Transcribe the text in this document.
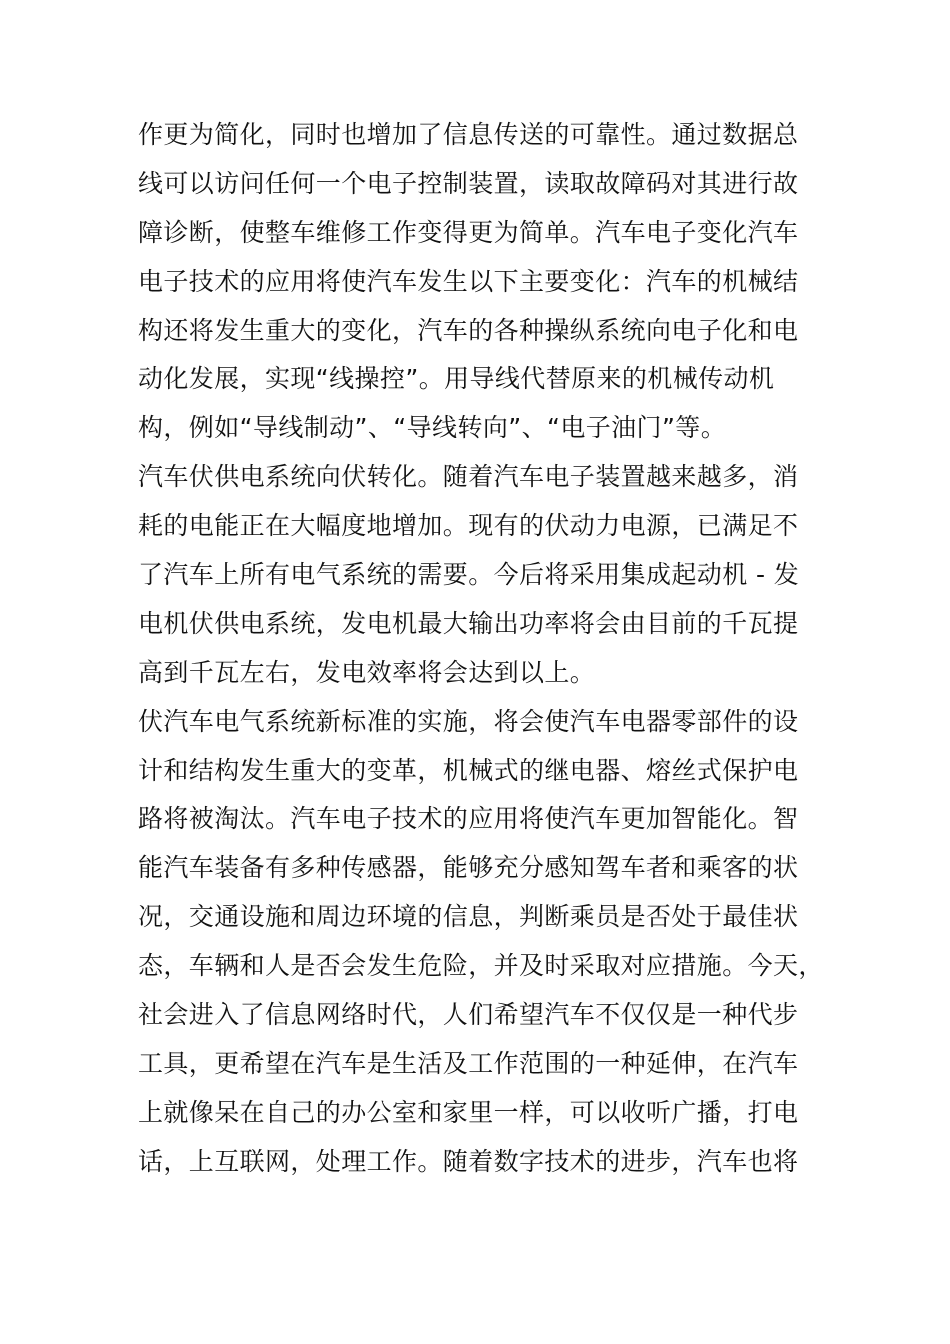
作更为简化，同时也增加了信息传送的可靠性。通过数据总
线可以访问任何一个电子控制装置，读取故障码对其进行故
障诊断，使整车维修工作变得更为简单。汽车电子变化汽车
电子技术的应用将使汽车发生以下主要变化：汽车的机械结
构还将发生重大的变化，汽车的各种操纵系统向电子化和电
动化发展，实现“线操控”。用导线代替原来的机械传动机
构，例如“导线制动”、“导线转向”、“电子油门”等。
汽车伏供电系统向伏转化。随着汽车电子装置越来越多，消
耗的电能正在大幅度地增加。现有的伏动力电源，已满足不
了汽车上所有电气系统的需要。今后将采用集成起动机 - 发
电机伏供电系统，发电机最大输出功率将会由目前的千瓦提
高到千瓦左右，发电效率将会达到以上。
伏汽车电气系统新标准的实施，将会使汽车电器零部件的设
计和结构发生重大的变革，机械式的继电器、熔丝式保护电
路将被淘汰。汽车电子技术的应用将使汽车更加智能化。智
能汽车装备有多种传感器，能够充分感知驾车者和乘客的状
况，交通设施和周边环境的信息，判断乘员是否处于最佳状
态，车辆和人是否会发生危险，并及时采取对应措施。今天，
社会进入了信息网络时代，人们希望汽车不仅仅是一种代步
工具，更希望在汽车是生活及工作范围的一种延伸，在汽车
上就像呆在自己的办公室和家里一样，可以收听广播，打电
话，上互联网，处理工作。随着数字技术的进步，汽车也将
